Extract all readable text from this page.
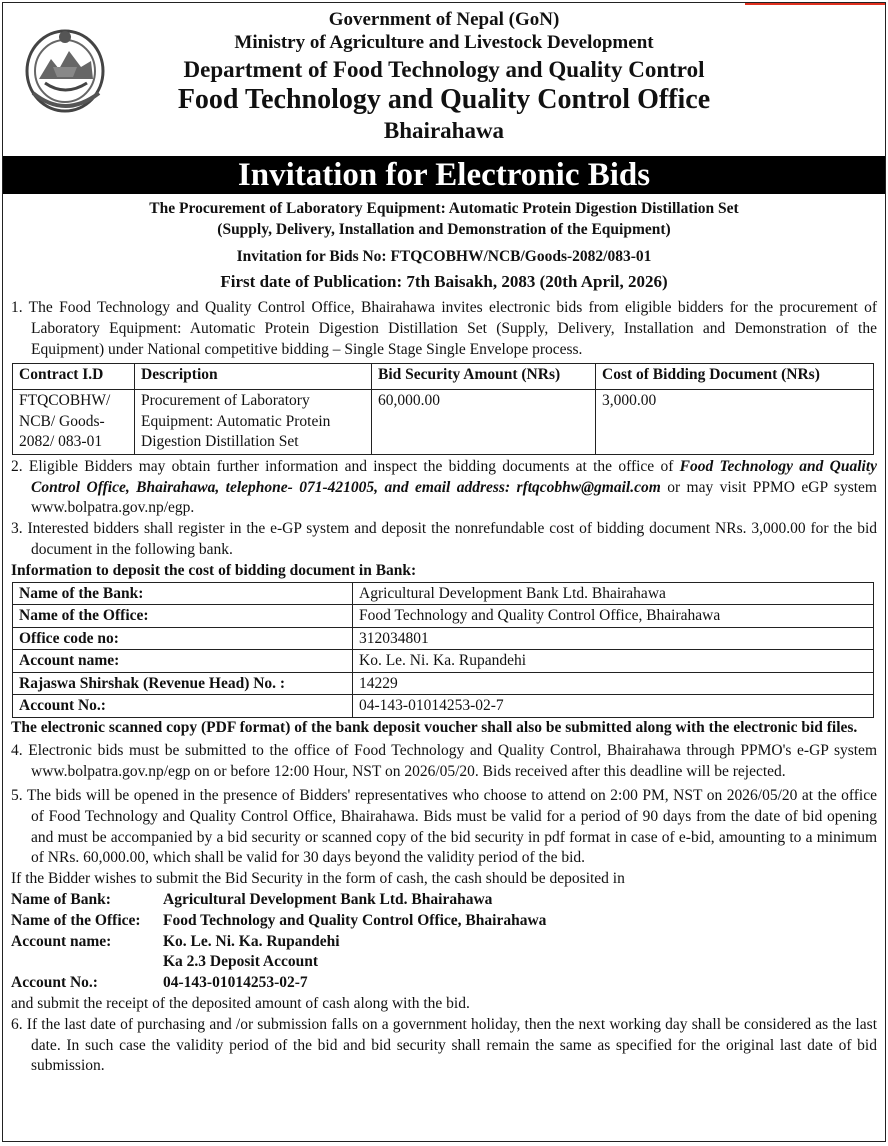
Government of Nepal (GoN)
Ministry of Agriculture and Livestock Development
Department of Food Technology and Quality Control
Food Technology and Quality Control Office
Bhairahawa
Invitation for Electronic Bids
The Procurement of Laboratory Equipment: Automatic Protein Digestion Distillation Set
(Supply, Delivery, Installation and Demonstration of the Equipment)
Invitation for Bids No: FTQCOBHW/NCB/Goods-2082/083-01
First date of Publication: 7th Baisakh, 2083 (20th April, 2026)

1. The Food Technology and Quality Control Office, Bhairahawa invites electronic bids from eligible bidders for the procurement of Laboratory Equipment: Automatic Protein Digestion Distillation Set (Supply, Delivery, Installation and Demonstration of the Equipment) under National competitive bidding – Single Stage Single Envelope process.

Contract I.D	Description	Bid Security Amount (NRs)	Cost of Bidding Document (NRs)
FTQCOBHW/ NCB/ Goods-2082/ 083-01	Procurement of Laboratory Equipment: Automatic Protein Digestion Distillation Set	60,000.00	3,000.00

2. Eligible Bidders may obtain further information and inspect the bidding documents at the office of Food Technology and Quality Control Office, Bhairahawa, telephone- 071-421005, and email address: rftqcobhw@gmail.com or may visit PPMO eGP system www.bolpatra.gov.np/egp.

3. Interested bidders shall register in the e-GP system and deposit the nonrefundable cost of bidding document NRs. 3,000.00 for the bid document in the following bank.

Information to deposit the cost of bidding document in Bank:
Name of the Bank:	Agricultural Development Bank Ltd. Bhairahawa
Name of the Office:	Food Technology and Quality Control Office, Bhairahawa
Office code no:	312034801
Account name:	Ko. Le. Ni. Ka. Rupandehi
Rajaswa Shirshak (Revenue Head) No. :	14229
Account No.:	04-143-01014253-02-7
The electronic scanned copy (PDF format) of the bank deposit voucher shall also be submitted along with the electronic bid files.

4. Electronic bids must be submitted to the office of Food Technology and Quality Control, Bhairahawa through PPMO's e-GP system www.bolpatra.gov.np/egp on or before 12:00 Hour, NST on 2026/05/20. Bids received after this deadline will be rejected.

5. The bids will be opened in the presence of Bidders' representatives who choose to attend on 2:00 PM, NST on 2026/05/20 at the office of Food Technology and Quality Control Office, Bhairahawa. Bids must be valid for a period of 90 days from the date of bid opening and must be accompanied by a bid security or scanned copy of the bid security in pdf format in case of e-bid, amounting to a minimum of NRs. 60,000.00, which shall be valid for 30 days beyond the validity period of the bid.

If the Bidder wishes to submit the Bid Security in the form of cash, the cash should be deposited in
Name of Bank:	Agricultural Development Bank Ltd. Bhairahawa
Name of the Office:	Food Technology and Quality Control Office, Bhairahawa
Account name:	Ko. Le. Ni. Ka. Rupandehi
Ka 2.3 Deposit Account
Account No.:	04-143-01014253-02-7
and submit the receipt of the deposited amount of cash along with the bid.

6. If the last date of purchasing and /or submission falls on a government holiday, then the next working day shall be considered as the last date. In such case the validity period of the bid and bid security shall remain the same as specified for the original last date of bid submission.
